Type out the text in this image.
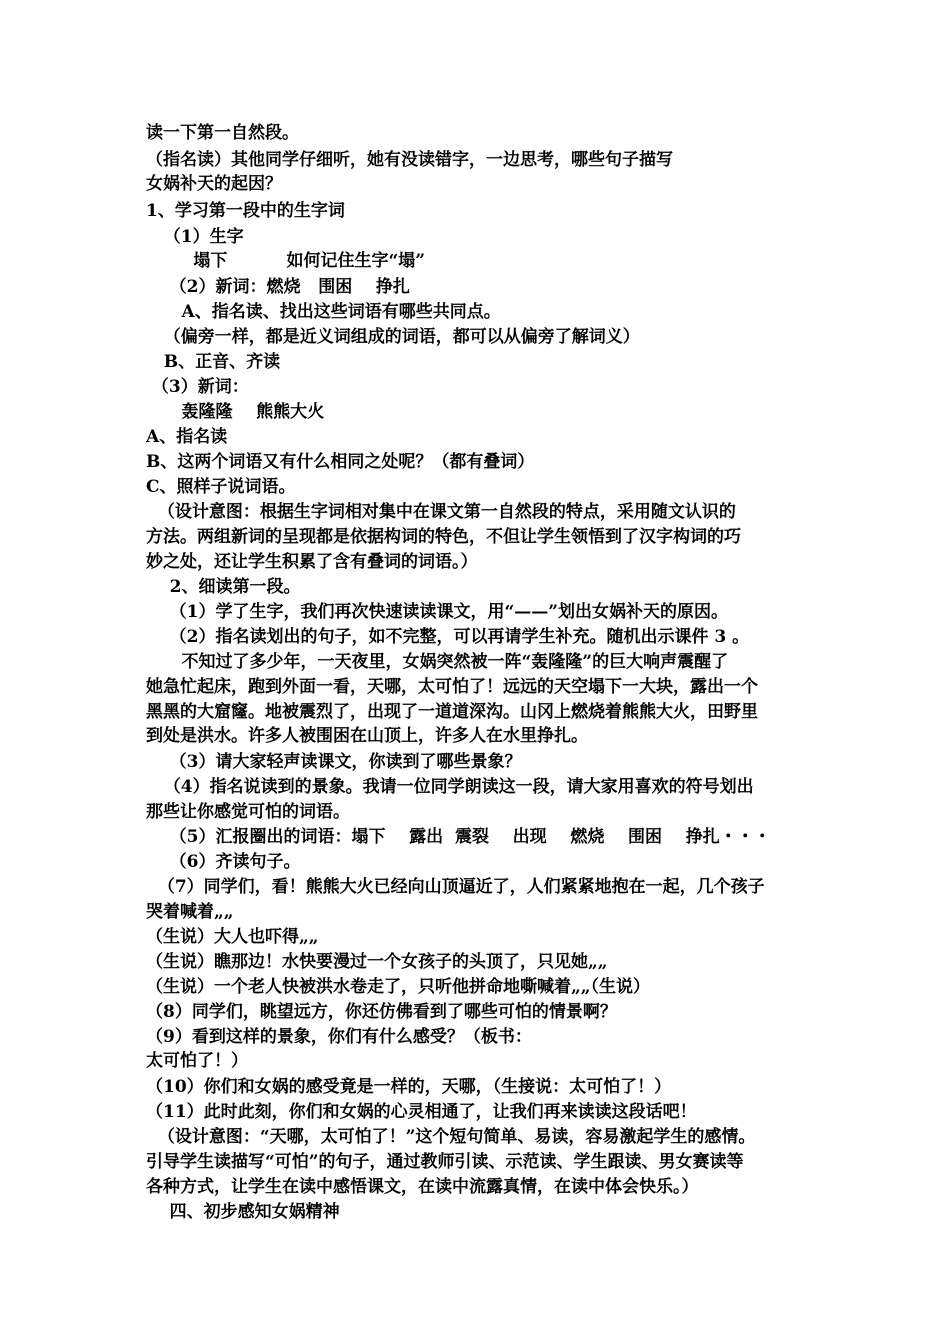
读一下第一自然段。
（指名读）其他同学仔细听，她有没读错字，一边思考，哪些句子描写
女娲补天的起因？
1、学习第一段中的生字词
（1）生字
塌下          如何记住生字“塌”
（2）新词：燃烧   围困    挣扎
A、指名读、找出这些词语有哪些共同点。
（偏旁一样，都是近义词组成的词语，都可以从偏旁了解词义）
B、正音、齐读
（3）新词：
轰隆隆    熊熊大火
A、指名读
B、这两个词语又有什么相同之处呢？（都有叠词）
C、照样子说词语。
（设计意图：根据生字词相对集中在课文第一自然段的特点，采用随文认识的
方法。两组新词的呈现都是依据构词的特色，不但让学生领悟到了汉字构词的巧
妙之处，还让学生积累了含有叠词的词语。）
2、细读第一段。
（1）学了生字，我们再次快速读读课文，用“——”划出女娲补天的原因。
（2）指名读划出的句子，如不完整，可以再请学生补充。随机出示课件 3 。
不知过了多少年，一天夜里，女娲突然被一阵“轰隆隆”的巨大响声震醒了
她急忙起床，跑到外面一看，天哪，太可怕了！远远的天空塌下一大块，露出一个
黑黑的大窟窿。地被震烈了，出现了一道道深沟。山冈上燃烧着熊熊大火，田野里
到处是洪水。许多人被围困在山顶上，许多人在水里挣扎。
（3）请大家轻声读课文，你读到了哪些景象？
（4）指名说读到的景象。我请一位同学朗读这一段，请大家用喜欢的符号划出
那些让你感觉可怕的词语。
（5）汇报圈出的词语：塌下    露出  震裂    出现    燃烧    围困    挣扎・・・
（6）齐读句子。
（7）同学们，看！熊熊大火已经向山顶逼近了，人们紧紧地抱在一起，几个孩子
哭着喊着„„
（生说）大人也吓得„„
（生说）瞧那边！水快要漫过一个女孩子的头顶了，只见她„„
（生说）一个老人快被洪水卷走了，只听他拼命地嘶喊着„„（生说）
（8）同学们，眺望远方，你还仿佛看到了哪些可怕的情景啊？
（9）看到这样的景象，你们有什么感受？（板书：
太可怕了！）
（10）你们和女娲的感受竟是一样的，天哪，（生接说：太可怕了！）
（11）此时此刻，你们和女娲的心灵相通了，让我们再来读读这段话吧！
（设计意图：“天哪，太可怕了！”这个短句简单、易读，容易激起学生的感情。
引导学生读描写“可怕”的句子，通过教师引读、示范读、学生跟读、男女赛读等
各种方式，让学生在读中感悟课文，在读中流露真情，在读中体会快乐。）
四、初步感知女娲精神
